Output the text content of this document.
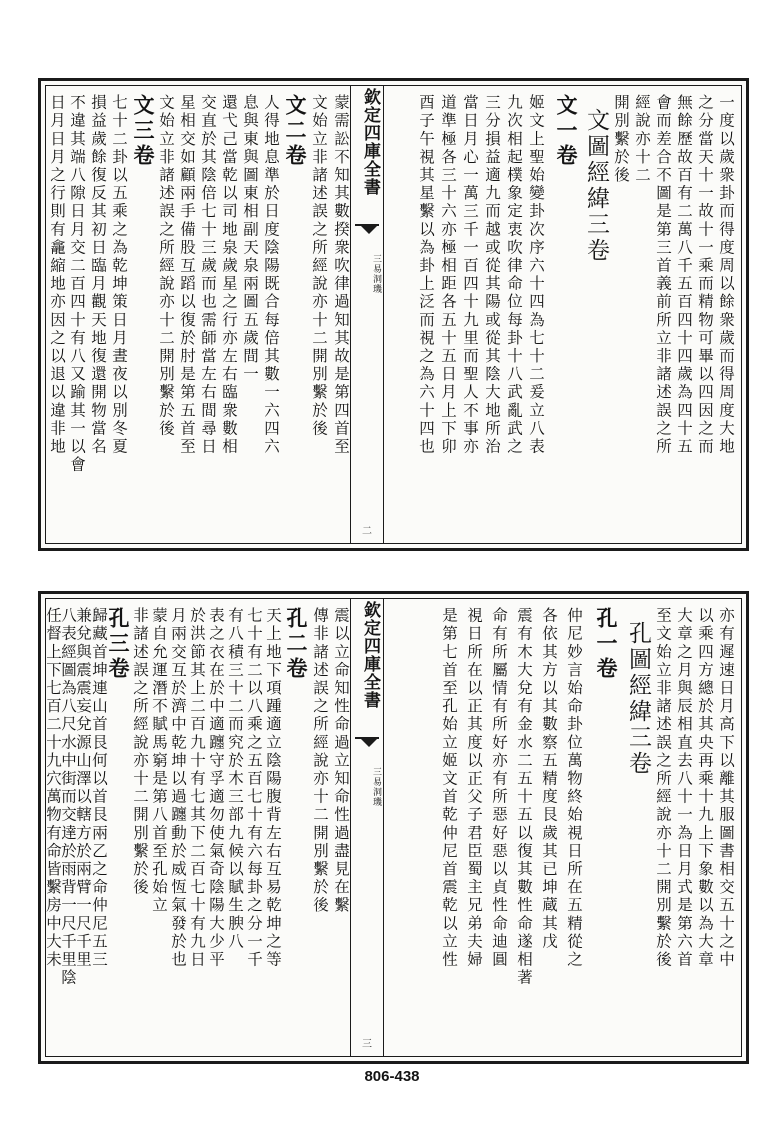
一度以歲衆卦而得度周以餘衆歲而得周度大地
之分當天十一故十一乘而精物可畢以四因之而
無餘歷故百有二萬八千五百四十四歲為四十五
會而差合不圖是第三首義前所立非諸述誤之所
經說亦十二
開別繫於後
文圖經緯三卷
文一卷
姬文上聖始變卦次序六十四為七十二爰立八表
九次相起樸象定衷吹律命位每卦十八武亂武之
三分損益適九而越或從其陽或從其陰大地所治
當日月心一萬三千一百四十九里而聖人不事亦
道準極各三十六亦極相距各五十五日月上下卯
酉子午視其星繫以為卦上泛而視之為六十四也
欽定四庫全書
三易洞璣
二
蒙需訟不知其數揆衆吹律過知其故是第四首至
文始立非諸述誤之所經說亦十二開別繫於後
文二卷
人得地息準於日度陰陽既合每倍其數一六四六
息與東與圖東相副天泉兩圖五歲間一
還弋己當乾以司地泉歲星之行亦左右臨衆數相
交直於其陰倍七十三歲而也需師當左右間尋日
星相交如顧兩手備股互蹈以復於肘是第五首至
文始立非諸述誤之所經說亦十二開別繫於後
文三卷
七十二卦以五乘之為乾坤策日月晝夜以別冬夏
損益歲餘復反其初日臨月觀天地復還開物當名
不違其端八隙日月交二百四十有八又踰其一以會
日月日月之行則有龕縮地亦因之以退以違非地
亦有遲速日月高下以離其服圖書相交五十之中
以乘四方總於其央再乘十九上下象數以為大章
大章之月與辰相直去八十一為日月式是第六首
至文始立非諸述誤之所經說亦十二開別繫於後
孔圖經緯三卷
孔一卷
仲尼妙言始命卦位萬物終始視日所在五精從之
各依其方以其數察五精度艮歲其已坤蔵其戊
震有木大兌有金水二五十五以復其數性命遂相著
命有所屬情有所好亦有所惡好惡以貞性命迪圓
視日所在以正其度以正父子君臣蜀主兄弟夫婦
是第七首至孔始立姬文首乾仲尼首震乾以立性
欽定四庫全書
三易洞璣
三
震以立命知性命過立知命性過盡見在繫
傳非諸述誤之所經說亦十二開別繫於後
孔二卷
天上地下項踵適立陰陽腹背左右互易乾坤之等
七十有二以八乘之五百七十有六每卦之分一千
有八積三十二而究於木三部九候以賦生腴八
表之衣在於中適躔守孚適勿使氣奇陰陽大少平
於洪節其上二百九十有七其下二百七十有九日
月兩交互於濟中乾坤以過躔動於威恆氣發於也
蒙自允運潛不賦馬窮是第八首至孔始立
非諸述誤之所經說亦十二開別繫於後
孔三卷
歸藏首坤連山首艮何以首艮兩乙之命仲尼五三
兼兌與震震妄兌源山澤以轄方於兩臂一尺千里
八表經圖為八尺水中街而交達於雨背一尺千里陰
任督上下七百二十九穴萬物有命皆繫房中大未
806-438
